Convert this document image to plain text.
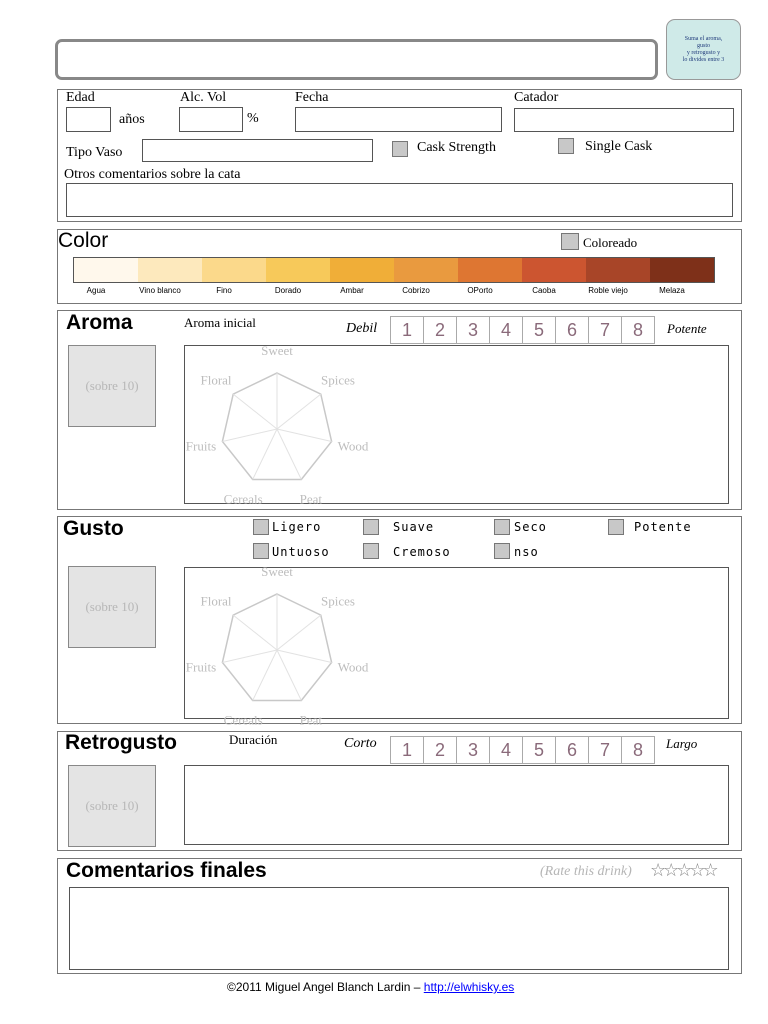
Suma el aroma,
gusto
y retrogusto y
lo divides entre 3
Edad
años
Alc. Vol
%
Fecha	Catador
Tipo Vaso	Cask Strength	Single Cask
Otros comentarios sobre la cata
Color	Coloreado
Agua	Vino blanco	Fino	Dorado	Ambar	Cobrizo	OPorto	Caoba	Roble viejo	Melaza
Aroma	Aroma inicial	Debil	1	2	3	4	5	6	7	8	Potente
(sobre 10)
Sweet
Spices
Wood
Peat
Cereals
Fruits
Floral
Gusto	Ligero	Suave	Seco	Potente
Untuoso	Cremoso	nso
(sobre 10)
Sweet
Spices
Wood
Peat
Cereals
Fruits
Floral
Retrogusto	Duración	Corto	1	2	3	4	5	6	7	8	Largo
(sobre 10)
Comentarios finales	(Rate this drink) ☆☆☆☆☆
©2011 Miguel Angel Blanch Lardin – http://elwhisky.es
